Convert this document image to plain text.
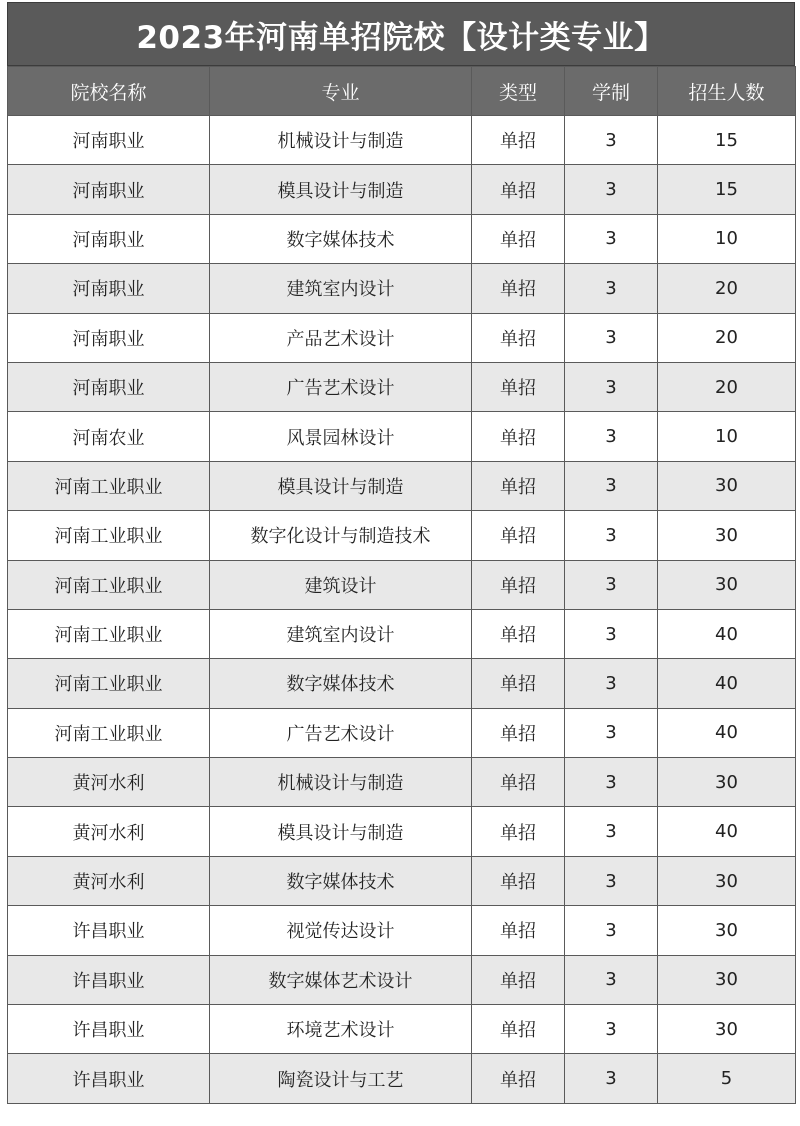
2023年河南单招院校【设计类专业】
院校名称	专业	类型	学制	招生人数
河南职业	机械设计与制造	单招	3	15
河南职业	模具设计与制造	单招	3	15
河南职业	数字媒体技术	单招	3	10
河南职业	建筑室内设计	单招	3	20
河南职业	产品艺术设计	单招	3	20
河南职业	广告艺术设计	单招	3	20
河南农业	风景园林设计	单招	3	10
河南工业职业	模具设计与制造	单招	3	30
河南工业职业	数字化设计与制造技术	单招	3	30
河南工业职业	建筑设计	单招	3	30
河南工业职业	建筑室内设计	单招	3	40
河南工业职业	数字媒体技术	单招	3	40
河南工业职业	广告艺术设计	单招	3	40
黄河水利	机械设计与制造	单招	3	30
黄河水利	模具设计与制造	单招	3	40
黄河水利	数字媒体技术	单招	3	30
许昌职业	视觉传达设计	单招	3	30
许昌职业	数字媒体艺术设计	单招	3	30
许昌职业	环境艺术设计	单招	3	30
许昌职业	陶瓷设计与工艺	单招	3	5
